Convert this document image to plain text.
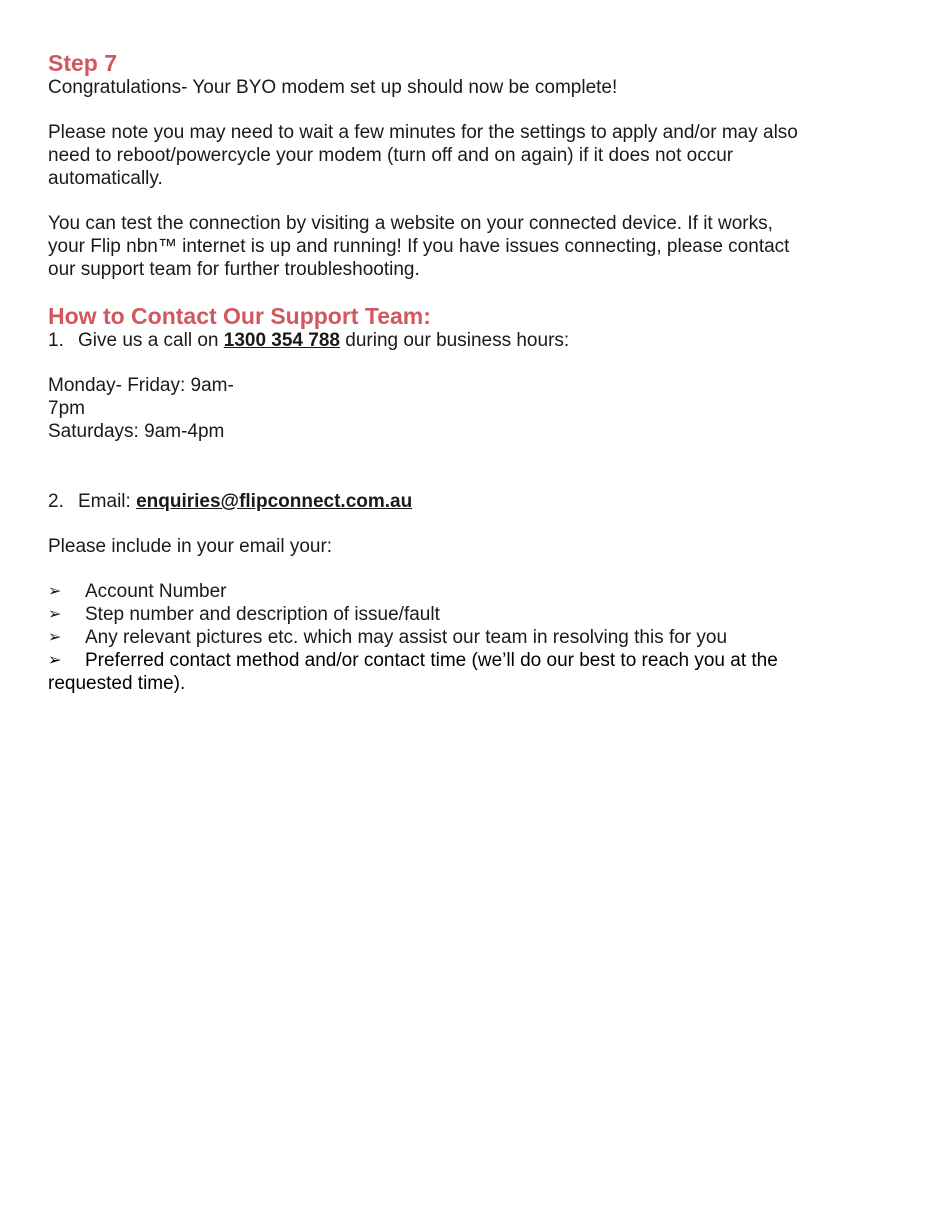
Step 7

Congratulations- Your BYO modem set up should now be complete!

Please note you may need to wait a few minutes for the settings to apply and/or may also need to reboot/powercycle your modem (turn off and on again) if it does not occur automatically.

You can test the connection by visiting a website on your connected device. If it works, your Flip nbn™ internet is up and running! If you have issues connecting, please contact our support team for further troubleshooting.

How to Contact Our Support Team:

1. Give us a call on 1300 354 788 during our business hours:

Monday- Friday: 9am-7pm

Saturdays: 9am-4pm

2. Email: enquiries@flipconnect.com.au

Please include in your email your:

➢ Account Number
➢ Step number and description of issue/fault
➢ Any relevant pictures etc. which may assist our team in resolving this for you
➢ Preferred contact method and/or contact time (we’ll do our best to reach you at the requested time).
